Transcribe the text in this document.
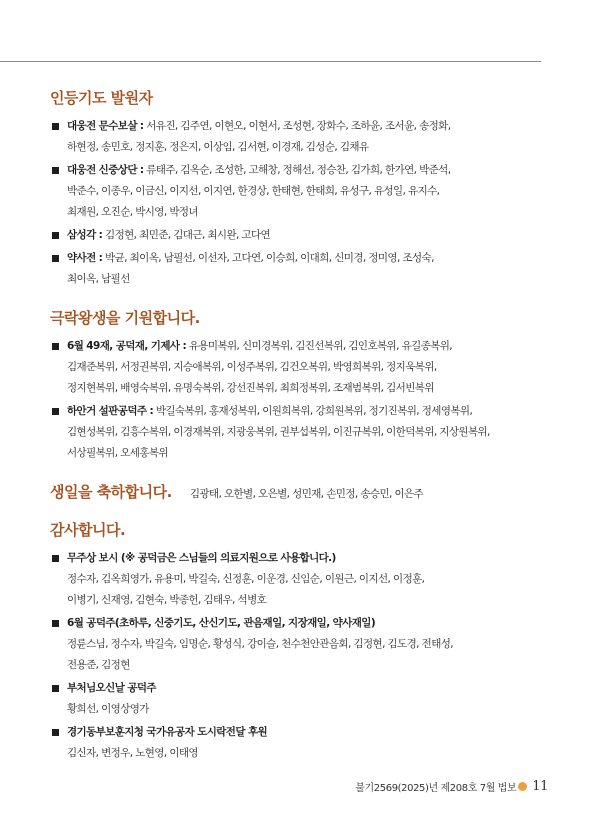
인등기도 발원자
대웅전 문수보살 : 서유진, 김주연, 이현오, 이현서, 조성현, 장화수, 조하윤, 조서윤, 송정화,
하현정, 송민호, 정지훈, 정은지, 이상임, 김서현, 이경재, 김성순, 김채유
대웅전 신중상단 : 류태주, 김옥순, 조성한, 고해창, 정해선, 정승찬, 김가희, 한가연, 박준석,
박준수, 이종우, 이금신, 이지선, 이지연, 한경상, 한태현, 한태희, 유성구, 유성일, 유지수,
최재원, 오진순, 박시영, 박정녀
삼성각 : 김정현, 최민준, 김대근, 최시완, 고다연
약사전 : 박균, 최이옥, 남필선, 이선자, 고다연, 이승희, 이대희, 신미경, 정미영, 조성숙,
최이옥, 남필선
극락왕생을 기원합니다.
6월 49재, 공덕재, 기제사 : 유용미복위, 신미경복위, 김진선복위, 김인호복위, 유길종복위,
김재준복위, 서정권복위, 지승애복위, 이성주복위, 김건오복위, 박영희복위, 정지욱복위,
정지현복위, 배영숙복위, 유명숙복위, 강선진복위, 최희정복위, 조재범복위, 김서빈복위
하안거 설판공덕주 : 박길숙복위, 홍재성복위, 이원희복위, 강희원복위, 정기진복위, 정세영복위,
김현성복위, 김흥수복위, 이경재복위, 지광웅복위, 권부섭복위, 이진규복위, 이한덕복위, 지상원복위,
서상필복위, 오세홍복위
생일을 축하합니다. 김광태, 오한별, 오은별, 성민재, 손민정, 송승민, 이은주
감사합니다.
무주상 보시 (※ 공덕금은 스님들의 의료지원으로 사용합니다.)
정수자, 김옥희영가, 유용미, 박길숙, 신정훈, 이운경, 신임순, 이원근, 이지선, 이정훈,
이병기, 신재영, 김현숙, 박종헌, 김태우, 석병호
6월 공덕주(초하루, 신중기도, 산신기도, 관음재일, 지장재일, 약사재일)
정륜스님, 정수자, 박길숙, 임명순, 황성식, 강이슬, 천수천안관음회, 김정현, 김도경, 전태성,
전용준, 김정현
부처님오신날 공덕주
황희선, 이영상영가
경기동부보훈지청 국가유공자 도시락전달 후원
김신자, 변정우, 노현영, 이태영
불기2569(2025)년 제208호 7월 법보 11
